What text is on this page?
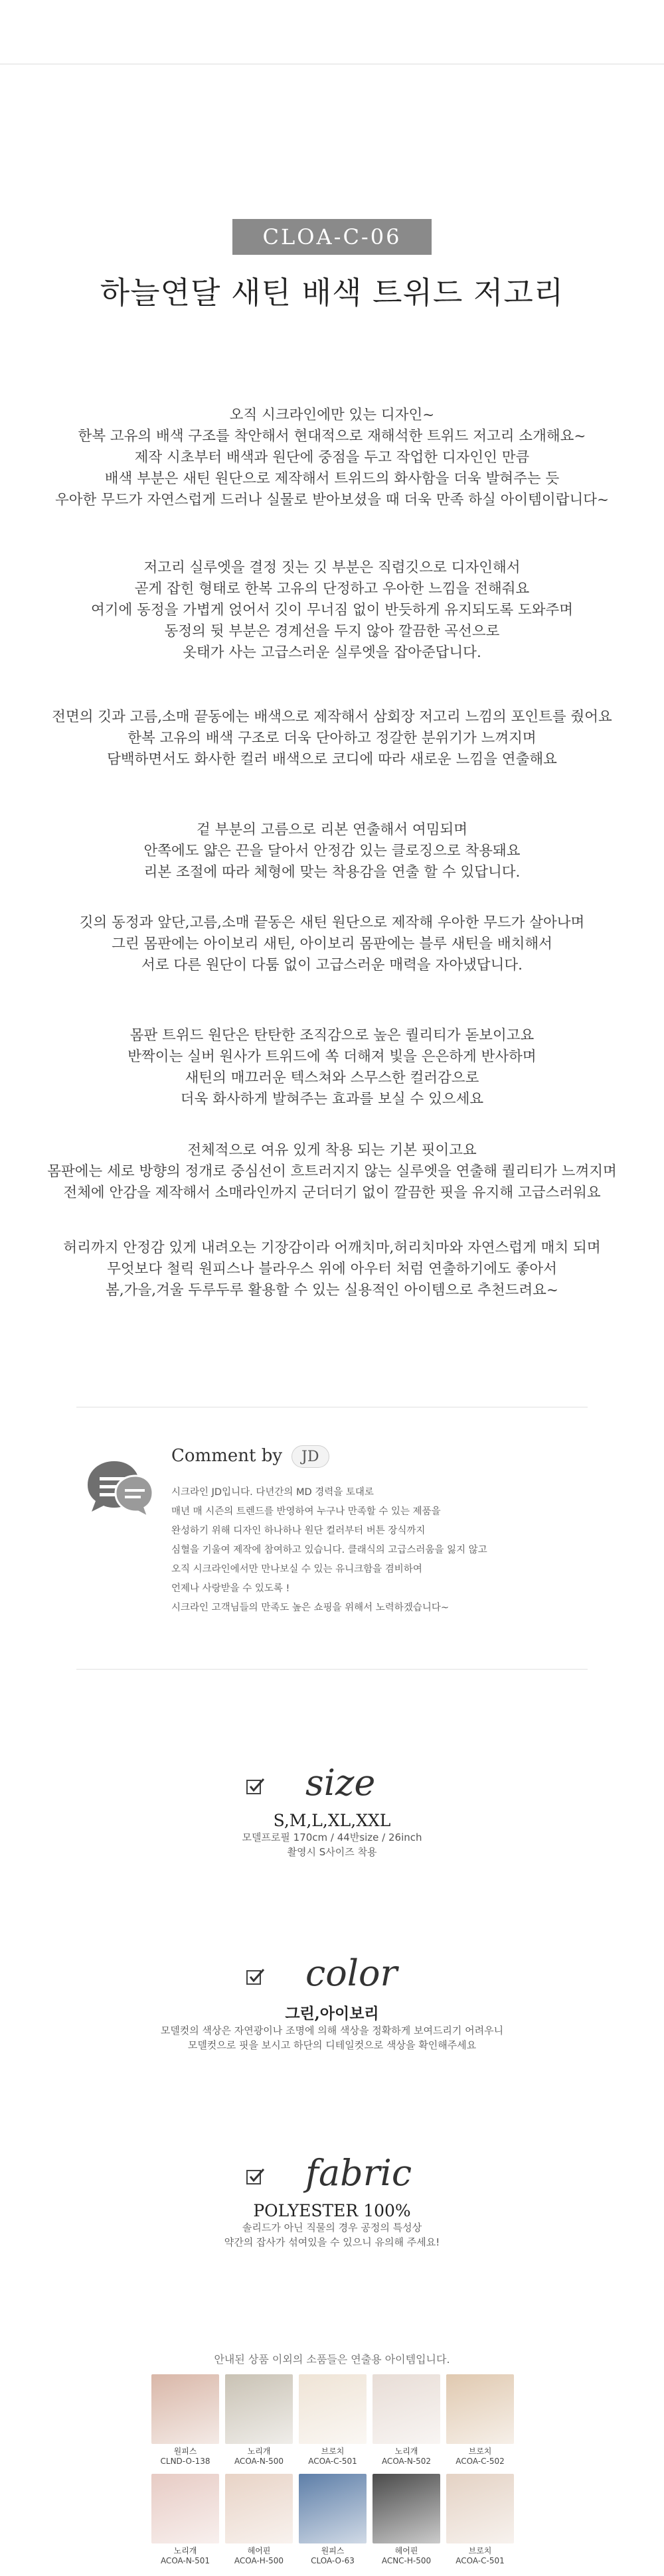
CLOA-C-06
하늘연달 새틴 배색 트위드 저고리

오직 시크라인에만 있는 디자인~

한복 고유의 배색 구조를 착안해서 현대적으로 재해석한 트위드 저고리 소개해요~

제작 시초부터 배색과 원단에 중점을 두고 작업한 디자인인 만큼

배색 부분은 새틴 원단으로 제작해서 트위드의 화사함을 더욱 발혀주는 듯

우아한 무드가 자연스럽게 드러나 실물로 받아보셨을 때 더욱 만족 하실 아이템이랍니다~

저고리 실루엣을 결정 짓는 깃 부분은 직렴깃으로 디자인해서

곧게 잡힌 형태로 한복 고유의 단정하고 우아한 느낌을 전해줘요

여기에 동정을 가볍게 얹어서 깃이 무너짐 없이 반듯하게 유지되도록 도와주며

동정의 뒷 부분은 경계선을 두지 않아 깔끔한 곡선으로

옷태가 사는 고급스러운 실루엣을 잡아준답니다.

전면의 깃과 고름,소매 끝동에는 배색으로 제작해서 삼회장 저고리 느낌의 포인트를 줬어요

한복 고유의 배색 구조로 더욱 단아하고 정갈한 분위기가 느껴지며

담백하면서도 화사한 컬러 배색으로 코디에 따라 새로운 느낌을 연출해요

겉 부분의 고름으로 리본 연출해서 여밈되며

안쪽에도 얇은 끈을 달아서 안정감 있는 클로징으로 착용돼요

리본 조절에 따라 체형에 맞는 착용감을 연출 할 수 있답니다.

깃의 동정과 앞단,고름,소매 끝동은 새틴 원단으로 제작해 우아한 무드가 살아나며

그린 몸판에는 아이보리 새틴, 아이보리 몸판에는 블루 새틴을 배치해서

서로 다른 원단이 다툼 없이 고급스러운 매력을 자아냈답니다.

몸판 트위드 원단은 탄탄한 조직감으로 높은 퀄리티가 돋보이고요

반짝이는 실버 원사가 트위드에 쏙 더해져 빛을 은은하게 반사하며

새틴의 매끄러운 텍스쳐와 스무스한 컬러감으로

더욱 화사하게 발혀주는 효과를 보실 수 있으세요

전체적으로 여유 있게 착용 되는 기본 핏이고요

몸판에는 세로 방향의 정개로 중심선이 흐트러지지 않는 실루엣을 연출해 퀄리티가 느껴지며

전체에 안감을 제작해서 소매라인까지 군더더기 없이 깔끔한 핏을 유지해 고급스러워요

허리까지 안정감 있게 내려오는 기장감이라 어깨치마,허리치마와 자연스럽게 매치 되며

무엇보다 철릭 원피스나 블라우스 위에 아우터 처럼 연출하기에도 좋아서

봄,가을,겨울 두루두루 활용할 수 있는 실용적인 아이템으로 추천드려요~

Comment by JD
시크라인 JD입니다. 다년간의 MD 경력을 토대로
매년 매 시즌의 트렌드를 반영하여 누구나 만족할 수 있는 제품을
완성하기 위해 디자인 하나하나 원단 컬러부터 버튼 장식까지
심혈을 기울여 제작에 참여하고 있습니다. 클래식의 고급스러움을 잃지 않고
오직 시크라인에서만 만나보실 수 있는 유니크함을 겸비하여
언제나 사랑받을 수 있도록 !
시크라인 고객님들의 만족도 높은 쇼핑을 위해서 노력하겠습니다~
size
S,M,L,XL,XXL
모델프로필 170cm / 44반size / 26inch
촬영시 S사이즈 착용
color
그린,아이보리
모델컷의 색상은 자연광이나 조명에 의해 색상을 정확하게 보여드리기 어려우니
모델컷으로 핏을 보시고 하단의 디테일컷으로 색상을 확인해주세요
fabric
POLYESTER 100%
솔리드가 아닌 직물의 경우 공정의 특성상
약간의 잡사가 섞여있을 수 있으니 유의해 주세요!
안내된 상품 이외의 소품들은 연출용 아이템입니다.
원피스
CLND-O-138
노리개
ACOA-N-500
브로치
ACOA-C-501
노리개
ACOA-N-502
브로치
ACOA-C-502
노리개
ACOA-N-501
헤어핀
ACOA-H-500
원피스
CLOA-O-63
헤어핀
ACNC-H-500
브로치
ACOA-C-501
